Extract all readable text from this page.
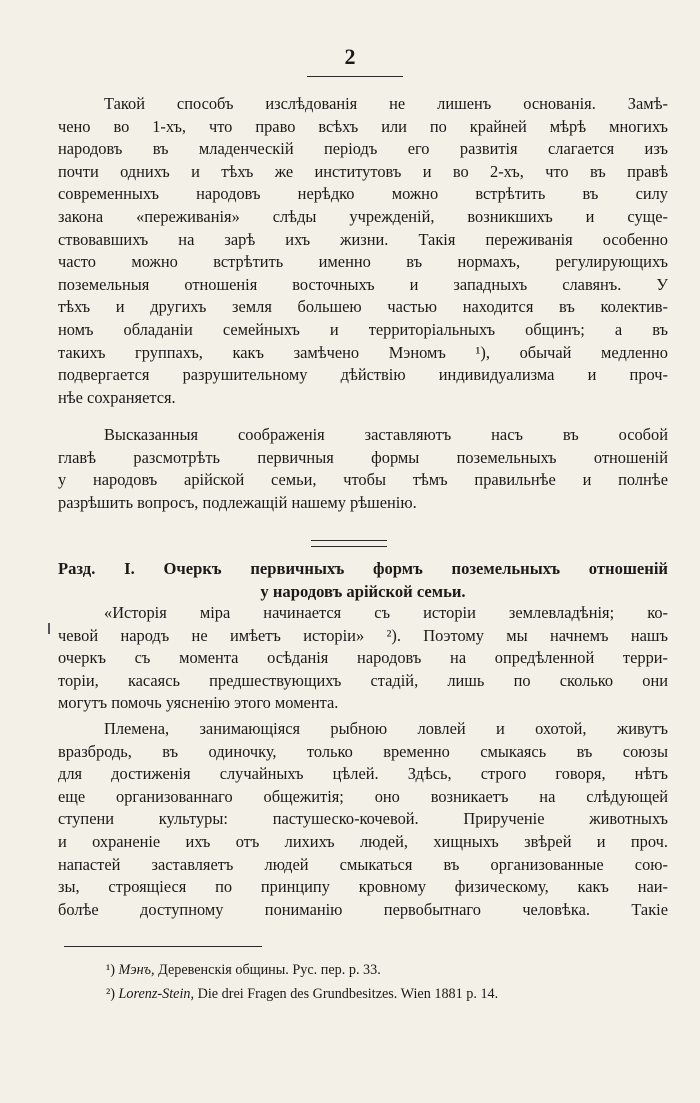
2
Такой способъ изслѣдованія не лишенъ основанія. Замѣ-
чено во 1-хъ, что право всѣхъ или по крайней мѣрѣ многихъ
народовъ въ младенческій періодъ его развитія слагается изъ
почти однихъ и тѣхъ же институтовъ и во 2-хъ, что въ правѣ
современныхъ народовъ нерѣдко можно встрѣтить въ силу
закона «переживанія» слѣды учрежденій, возникшихъ и суще-
ствовавшихъ на зарѣ ихъ жизни. Такія переживанія особенно
часто можно встрѣтить именно въ нормахъ, регулирующихъ
поземельныя отношенія восточныхъ и западныхъ славянъ. У
тѣхъ и другихъ земля большею частью находится въ колектив-
номъ обладаніи семейныхъ и территоріальныхъ общинъ; а въ
такихъ группахъ, какъ замѣчено Мэномъ ¹), обычай медленно
подвергается разрушительному дѣйствію индивидуализма и проч-
нѣе сохраняется.
Высказанныя соображенія заставляютъ насъ въ особой
главѣ разсмотрѣть первичныя формы поземельныхъ отношеній
у народовъ арійской семьи, чтобы тѣмъ правильнѣе и полнѣе
разрѣшить вопросъ, подлежащій нашему рѣшенію.
Разд. I. Очеркъ первичныхъ формъ поземельныхъ отношеній
у народовъ арійской семьи.
«Исторія міра начинается съ исторіи землевладѣнія; ко-
чевой народъ не имѣетъ исторіи» ²). Поэтому мы начнемъ нашъ
очеркъ съ момента осѣданія народовъ на опредѣленной терри-
торіи, касаясь предшествующихъ стадій, лишь по сколько они
могутъ помочь уясненію этого момента.
Племена, занимающіяся рыбною ловлей и охотой, живутъ
вразбродь, въ одиночку, только временно смыкаясь въ союзы
для достиженія случайныхъ цѣлей. Здѣсь, строго говоря, нѣтъ
еще организованнаго общежитія; оно возникаетъ на слѣдующей
ступени культуры: пастушеско-кочевой. Прирученіе животныхъ
и охраненіе ихъ отъ лихихъ людей, хищныхъ звѣрей и проч.
напастей заставляетъ людей смыкаться въ организованные сою-
зы, строящіеся по принципу кровному физическому, какъ наи-
болѣе доступному пониманію первобытнаго человѣка. Такіе
¹) Мэнъ, Деревенскія общины. Рус. пер. р. 33.
²) Lorenz-Stein, Die drei Fragen des Grundbesitzes. Wien 1881 p. 14.
